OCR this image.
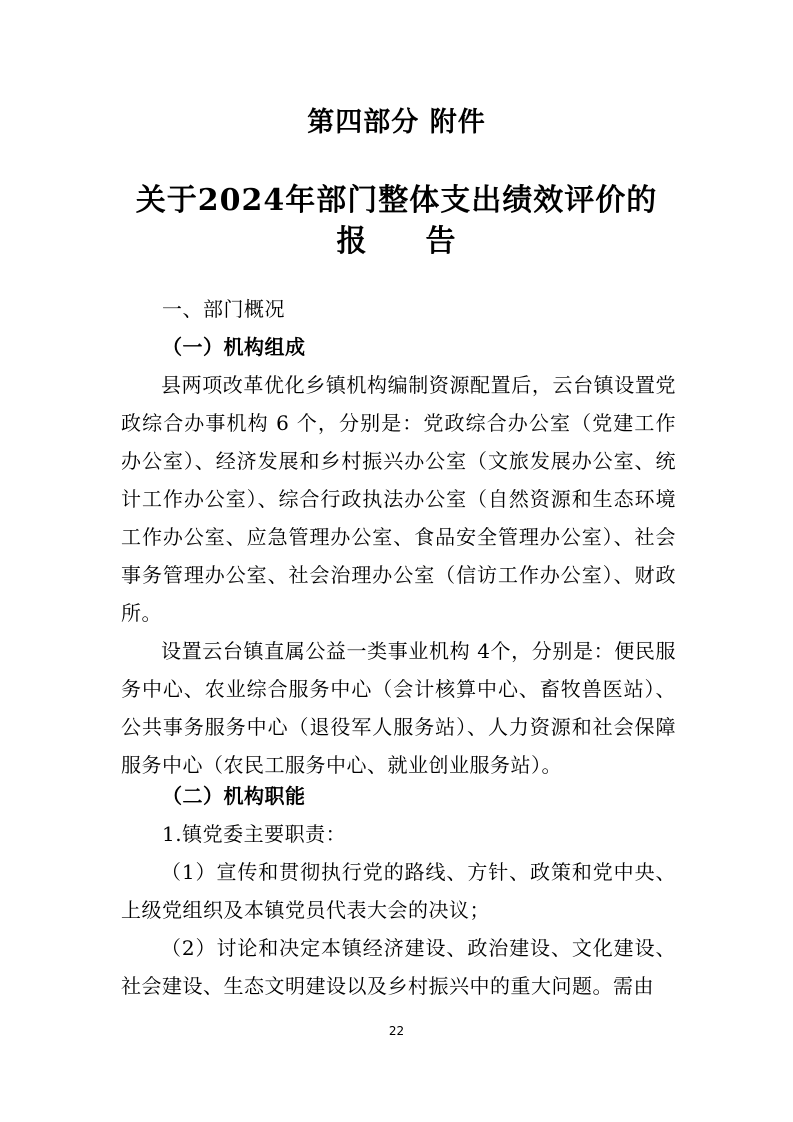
第四部分 附件
关于2024年部门整体支出绩效评价的
报 告
一、部门概况
（一）机构组成
县两项改革优化乡镇机构编制资源配置后，云台镇设置党政综合办事机构 6 个，分别是：党政综合办公室（党建工作办公室）、经济发展和乡村振兴办公室（文旅发展办公室、统计工作办公室）、综合行政执法办公室（自然资源和生态环境工作办公室、应急管理办公室、食品安全管理办公室）、社会事务管理办公室、社会治理办公室（信访工作办公室）、财政所。
设置云台镇直属公益一类事业机构 4个，分别是：便民服务中心、农业综合服务中心（会计核算中心、畜牧兽医站）、公共事务服务中心（退役军人服务站）、人力资源和社会保障服务中心（农民工服务中心、就业创业服务站）。
（二）机构职能
1.镇党委主要职责：
（1）宣传和贯彻执行党的路线、方针、政策和党中央、上级党组织及本镇党员代表大会的决议；
（2）讨论和决定本镇经济建设、政治建设、文化建设、社会建设、生态文明建设以及乡村振兴中的重大问题。需由
22
